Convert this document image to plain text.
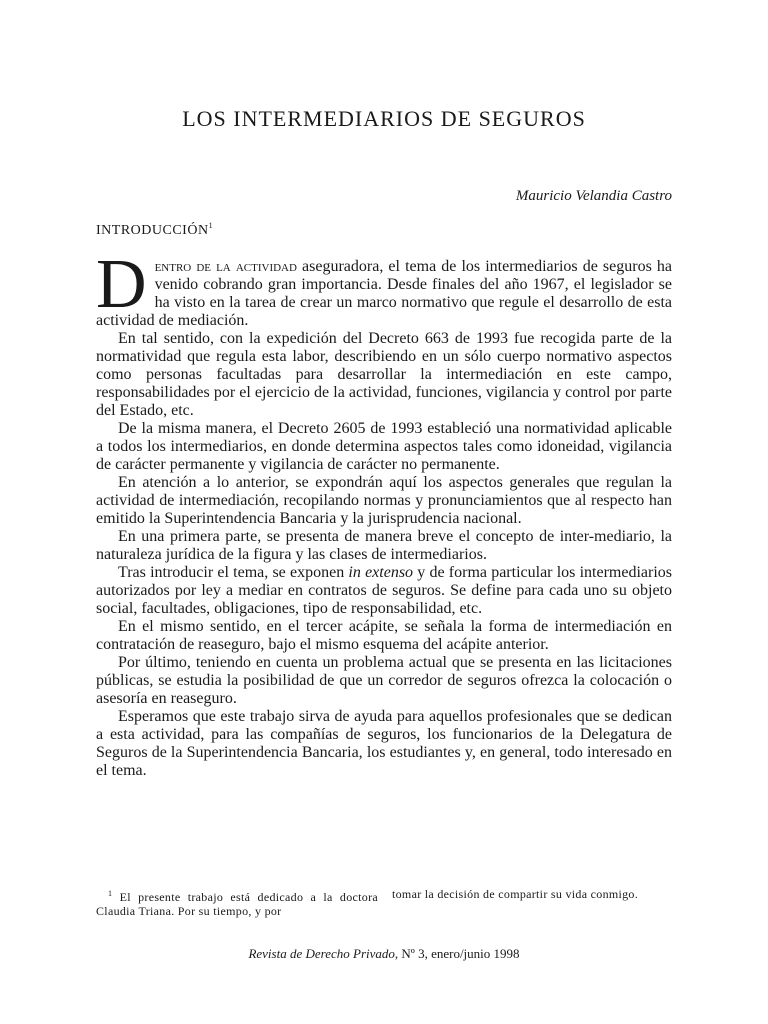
LOS INTERMEDIARIOS DE SEGUROS
Mauricio Velandia Castro
INTRODUCCIÓN$^1$

Dentro de la actividad aseguradora, el tema de los intermediarios de seguros ha venido cobrando gran importancia. Desde finales del año 1967, el legislador se ha visto en la tarea de crear un marco normativo que regule el desarrollo de esta actividad de mediación.

En tal sentido, con la expedición del Decreto 663 de 1993 fue recogida parte de la normatividad que regula esta labor, describiendo en un sólo cuerpo normativo aspectos como personas facultadas para desarrollar la intermediación en este campo, responsabilidades por el ejercicio de la actividad, funciones, vigilancia y control por parte del Estado, etc.

De la misma manera, el Decreto 2605 de 1993 estableció una normatividad aplicable a todos los intermediarios, en donde determina aspectos tales como idoneidad, vigilancia de carácter permanente y vigilancia de carácter no permanente.

En atención a lo anterior, se expondrán aquí los aspectos generales que regulan la actividad de intermediación, recopilando normas y pronunciamientos que al respecto han emitido la Superintendencia Bancaria y la jurisprudencia nacional.

En una primera parte, se presenta de manera breve el concepto de inter-mediario, la naturaleza jurídica de la figura y las clases de intermediarios.

Tras introducir el tema, se exponen in extenso y de forma particular los intermediarios autorizados por ley a mediar en contratos de seguros. Se define para cada uno su objeto social, facultades, obligaciones, tipo de responsabilidad, etc.

En el mismo sentido, en el tercer acápite, se señala la forma de intermediación en contratación de reaseguro, bajo el mismo esquema del acápite anterior.

Por último, teniendo en cuenta un problema actual que se presenta en las licitaciones públicas, se estudia la posibilidad de que un corredor de seguros ofrezca la colocación o asesoría en reaseguro.

Esperamos que este trabajo sirva de ayuda para aquellos profesionales que se dedican a esta actividad, para las compañías de seguros, los funcionarios de la Delegatura de Seguros de la Superintendencia Bancaria, los estudiantes y, en general, todo interesado en el tema.

$^1$ El presente trabajo está dedicado a la doctora Claudia Triana. Por su tiempo, y por
tomar la decisión de compartir su vida conmigo.
Revista de Derecho Privado, Nº 3, enero/junio 1998
